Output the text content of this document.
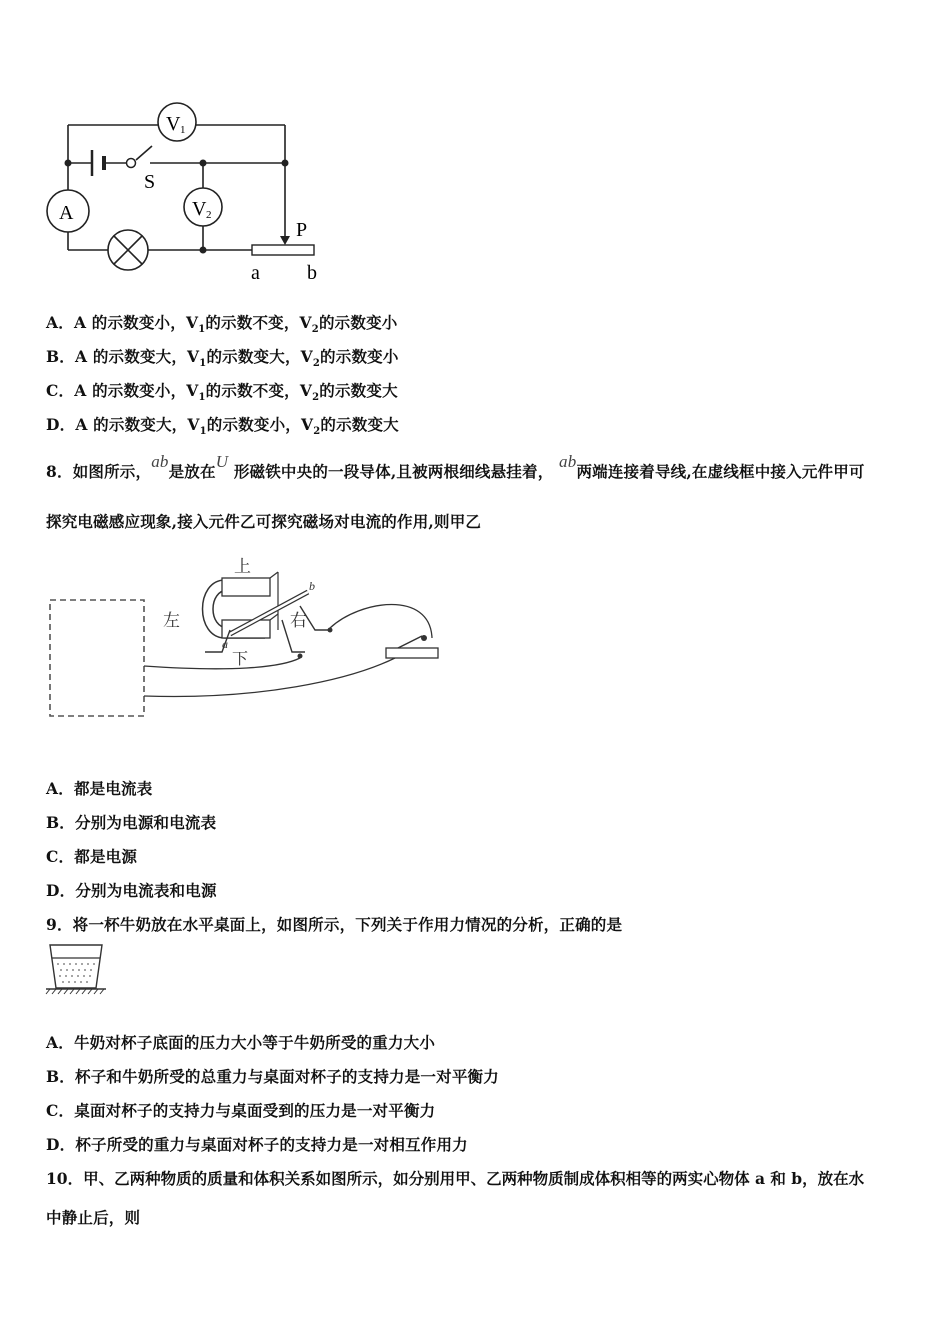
V 1
V 2
A
S
P
a b
A．A 的示数变小，$V_1$的示数不变，$V_2$的示数变小
B．A 的示数变大，$V_1$的示数变大，$V_2$的示数变小
C．A 的示数变小，$V_1$的示数不变，$V_2$的示数变大
D．A 的示数变大，$V_1$的示数变小，$V_2$的示数变大
8．如图所示，ab是放在U 形磁铁中央的一段导体,且被两根细线悬挂着， ab两端连接着导线,在虚线框中接入元件甲可
探究电磁感应现象,接入元件乙可探究磁场对电流的作用,则甲乙
上
下
左	右
a
b
A．都是电流表
B．分别为电源和电流表
C．都是电源
D．分别为电流表和电源
9．将一杯牛奶放在水平桌面上，如图所示，下列关于作用力情况的分析，正确的是
A．牛奶对杯子底面的压力大小等于牛奶所受的重力大小
B．杯子和牛奶所受的总重力与桌面对杯子的支持力是一对平衡力
C．桌面对杯子的支持力与桌面受到的压力是一对平衡力
D．杯子所受的重力与桌面对杯子的支持力是一对相互作用力
10．甲、乙两种物质的质量和体积关系如图所示，如分别用甲、乙两种物质制成体积相等的两实心物体 a 和 b，放在水
中静止后，则
